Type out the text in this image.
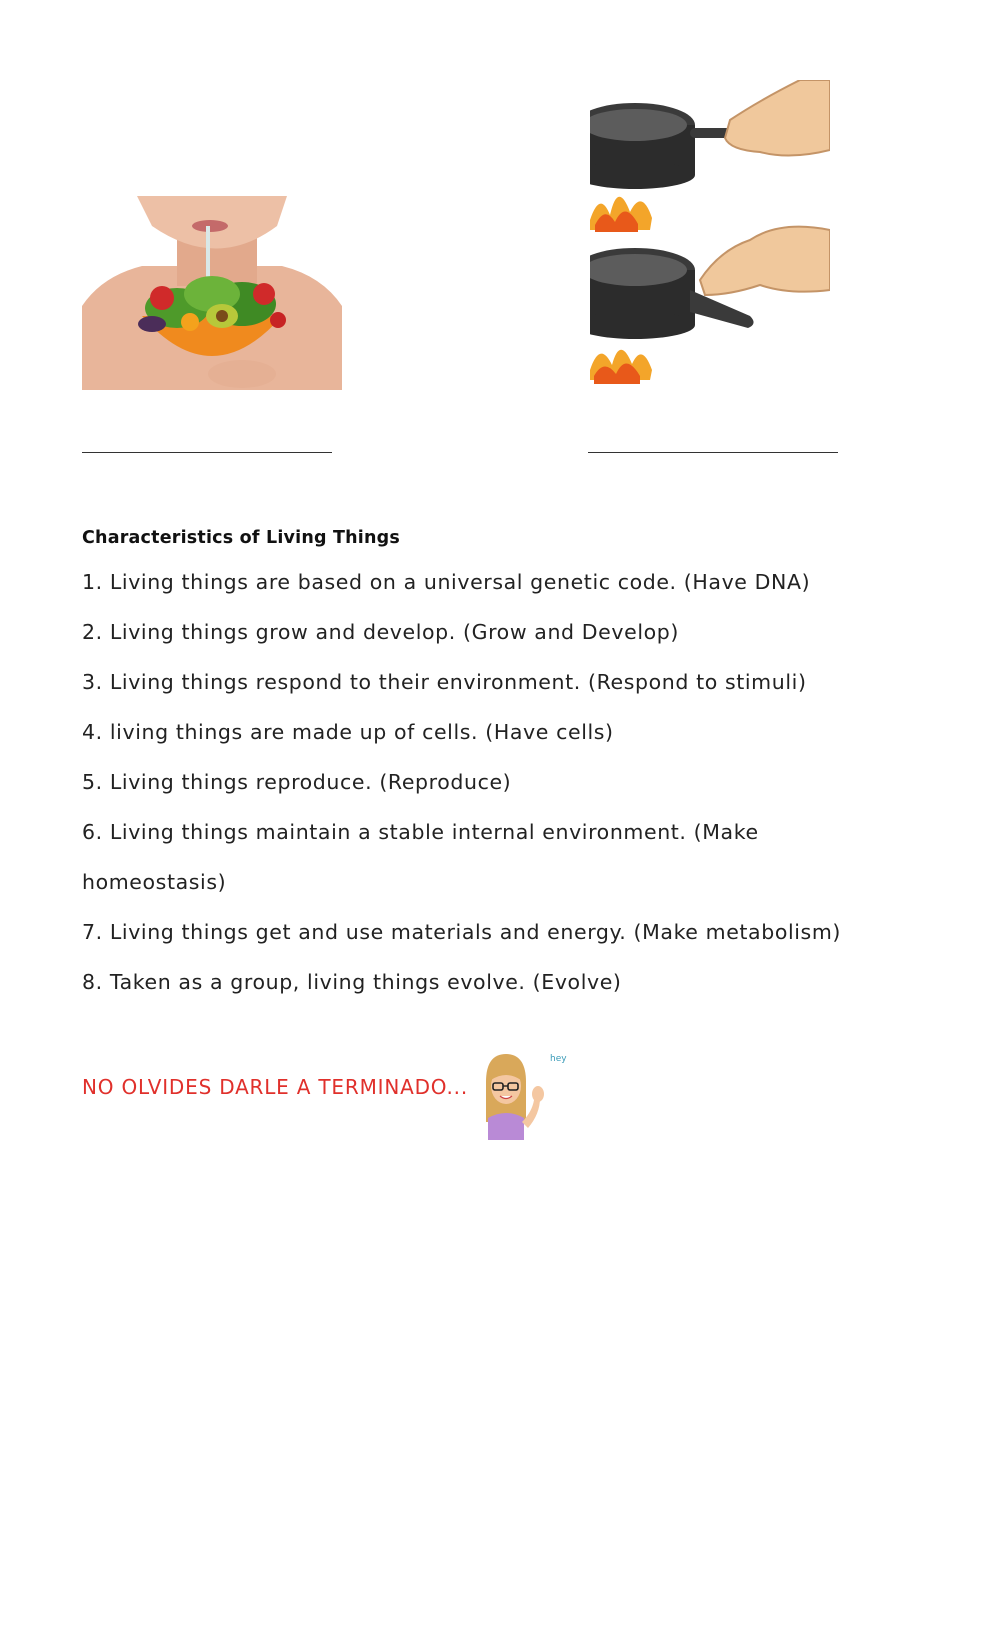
Characteristics of Living Things
1. Living things are based on a universal genetic code. (Have DNA)
2. Living things grow and develop. (Grow and Develop)
3. Living things respond to their environment. (Respond to stimuli)
4. living things are made up of cells. (Have cells)
5. Living things reproduce. (Reproduce)
6. Living things maintain a stable internal environment. (Make
homeostasis)
7. Living things get and use materials and energy. (Make metabolism)
8. Taken as a group, living things evolve. (Evolve)
NO OLVIDES DARLE A TERMINADO...
hey
